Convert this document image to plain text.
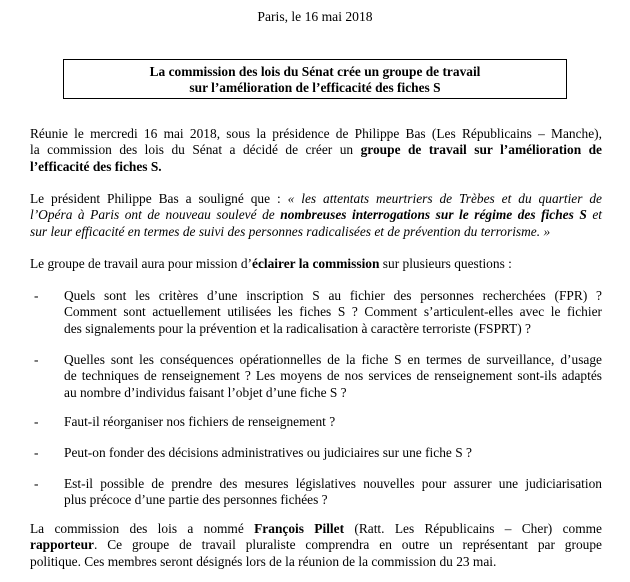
Paris, le 16 mai 2018
La commission des lois du Sénat crée un groupe de travail
sur l’amélioration de l’efficacité des fiches S
Réunie le mercredi 16 mai 2018, sous la présidence de Philippe Bas (Les Républicains – Manche),
la commission des lois du Sénat a décidé de créer un groupe de travail sur l’amélioration de
l’efficacité des fiches S.
Le président Philippe Bas a souligné que : « les attentats meurtriers de Trèbes et du quartier de
l’Opéra à Paris ont de nouveau soulevé de nombreuses interrogations sur le régime des fiches S et
sur leur efficacité en termes de suivi des personnes radicalisées et de prévention du terrorisme. »
Le groupe de travail aura pour mission d’éclairer la commission sur plusieurs questions :
- Quels sont les critères d’une inscription S au fichier des personnes recherchées (FPR) ?
Comment sont actuellement utilisées les fiches S ? Comment s’articulent-elles avec le fichier
des signalements pour la prévention et la radicalisation à caractère terroriste (FSPRT) ?
- Quelles sont les conséquences opérationnelles de la fiche S en termes de surveillance, d’usage
de techniques de renseignement ? Les moyens de nos services de renseignement sont-ils adaptés
au nombre d’individus faisant l’objet d’une fiche S ?
- Faut-il réorganiser nos fichiers de renseignement ?
- Peut-on fonder des décisions administratives ou judiciaires sur une fiche S ?
- Est-il possible de prendre des mesures législatives nouvelles pour assurer une judiciarisation
plus précoce d’une partie des personnes fichées ?
La commission des lois a nommé François Pillet (Ratt. Les Républicains – Cher) comme
rapporteur. Ce groupe de travail pluraliste comprendra en outre un représentant par groupe
politique. Ces membres seront désignés lors de la réunion de la commission du 23 mai.
